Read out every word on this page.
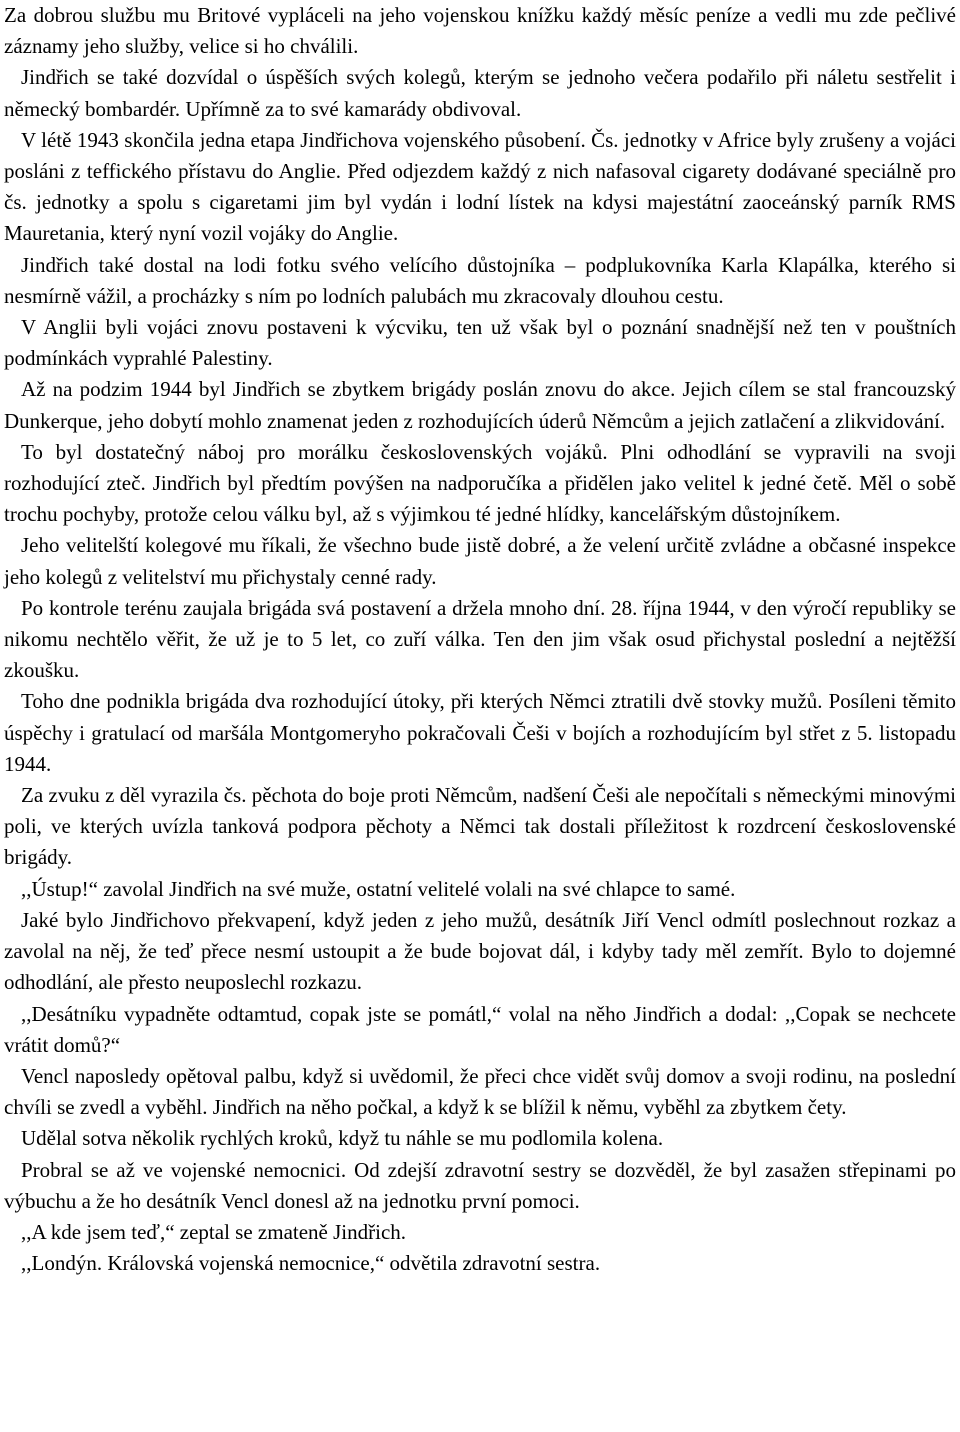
Za dobrou službu mu Britové vypláceli na jeho vojenskou knížku každý měsíc peníze a vedli mu zde pečlivé záznamy jeho služby, velice si ho chválili.

Jindřich se také dozvídal o úspěších svých kolegů, kterým se jednoho večera podařilo při náletu sestřelit i německý bombardér. Upřímně za to své kamarády obdivoval.

V létě 1943 skončila jedna etapa Jindřichova vojenského působení. Čs. jednotky v Africe byly zrušeny a vojáci posláni z teffického přístavu do Anglie. Před odjezdem každý z nich nafasoval cigarety dodávané speciálně pro čs. jednotky a spolu s cigaretami jim byl vydán i lodní lístek na kdysi majestátní zaoceánský parník RMS Mauretania, který nyní vozil vojáky do Anglie.

Jindřich také dostal na lodi fotku svého velícího důstojníka – podplukovníka Karla Klapálka, kterého si nesmírně vážil, a procházky s ním po lodních palubách mu zkracovaly dlouhou cestu.

V Anglii byli vojáci znovu postaveni k výcviku, ten už však byl o poznání snadnější než ten v pouštních podmínkách vyprahlé Palestiny.

Až na podzim 1944 byl Jindřich se zbytkem brigády poslán znovu do akce. Jejich cílem se stal francouzský Dunkerque, jeho dobytí mohlo znamenat jeden z rozhodujících úderů Němcům a jejich zatlačení a zlikvidování.

To byl dostatečný náboj pro morálku československých vojáků. Plni odhodlání se vypravili na svoji rozhodující zteč. Jindřich byl předtím povýšen na nadporučíka a přidělen jako velitel k jedné četě. Měl o sobě trochu pochyby, protože celou válku byl, až s výjimkou té jedné hlídky, kancelářským důstojníkem.

Jeho velitelští kolegové mu říkali, že všechno bude jistě dobré, a že velení určitě zvládne a občasné inspekce jeho kolegů z velitelství mu přichystaly cenné rady.

Po kontrole terénu zaujala brigáda svá postavení a držela mnoho dní. 28. října 1944, v den výročí republiky se nikomu nechtělo věřit, že už je to 5 let, co zuří válka. Ten den jim však osud přichystal poslední a nejtěžší zkoušku.

Toho dne podnikla brigáda dva rozhodující útoky, při kterých Němci ztratili dvě stovky mužů. Posíleni těmito úspěchy i gratulací od maršála Montgomeryho pokračovali Češi v bojích a rozhodujícím byl střet z 5. listopadu 1944.

Za zvuku z děl vyrazila čs. pěchota do boje proti Němcům, nadšení Češi ale nepočítali s německými minovými poli, ve kterých uvízla tanková podpora pěchoty a Němci tak dostali příležitost k rozdrcení československé brigády.

,,Ústup!“ zavolal Jindřich na své muže, ostatní velitelé volali na své chlapce to samé.

Jaké bylo Jindřichovo překvapení, když jeden z jeho mužů, desátník Jiří Vencl odmítl poslechnout rozkaz a zavolal na něj, že teď přece nesmí ustoupit a že bude bojovat dál, i kdyby tady měl zemřít. Bylo to dojemné odhodlání, ale přesto neuposlechl rozkazu.

,,Desátníku vypadněte odtamtud, copak jste se pomátl,“ volal na něho Jindřich a dodal: ,,Copak se nechcete vrátit domů?“

Vencl naposledy opětoval palbu, když si uvědomil, že přeci chce vidět svůj domov a svoji rodinu, na poslední chvíli se zvedl a vyběhl. Jindřich na něho počkal, a když k se blížil k němu, vyběhl za zbytkem čety.

Udělal sotva několik rychlých kroků, když tu náhle se mu podlomila kolena.

Probral se až ve vojenské nemocnici. Od zdejší zdravotní sestry se dozvěděl, že byl zasažen střepinami po výbuchu a že ho desátník Vencl donesl až na jednotku první pomoci.

,,A kde jsem teď,“ zeptal se zmateně Jindřich.

,,Londýn. Královská vojenská nemocnice,“ odvětila zdravotní sestra.
